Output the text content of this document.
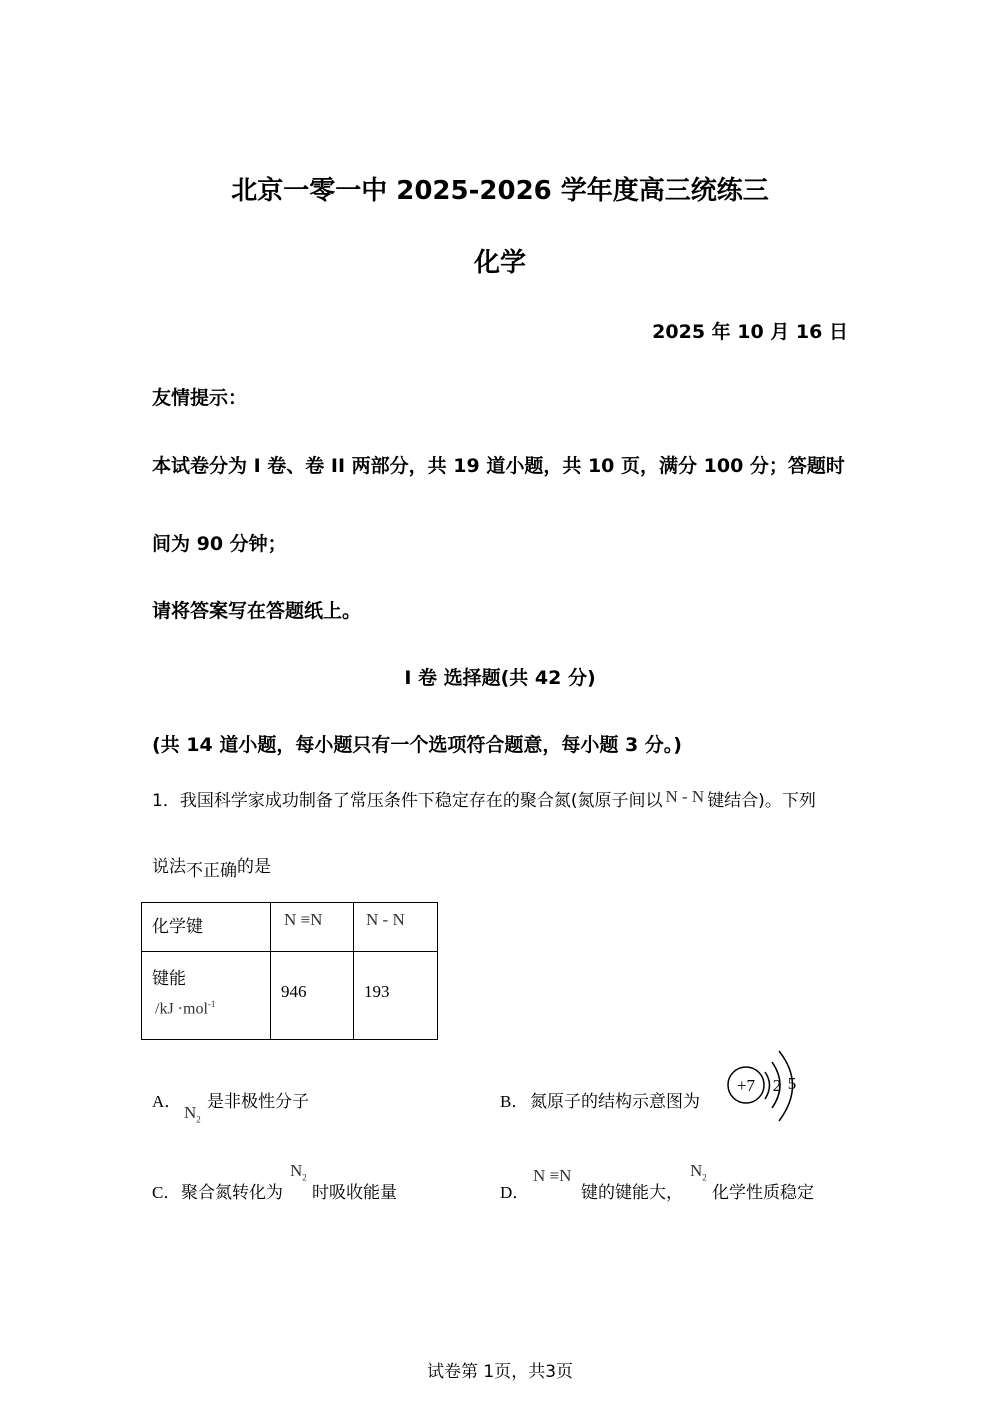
北京一零一中 2025-2026 学年度高三统练三
化学
2025 年 10 月 16 日
友情提示：
本试卷分为 I 卷、卷 II 两部分，共 19 道小题，共 10 页，满分 100 分；答题时
间为 90 分钟；
请将答案写在答题纸上。
I 卷 选择题(共 42 分)
(共 14 道小题，每小题只有一个选项符合题意，每小题 3 分。)
1．我国科学家成功制备了常压条件下稳定存在的聚合氮(氮原子间以 N - N 键结合)。下列
说法不正确的是
化学键	N ≡N	N - N

键能
/kJ ·mol$^{-1}$	946	193
A．
$N_2$
是非极性分子	B． 氮原子的结构示意图为
+7 2 5
C． 聚合氮转化为
$N_2$
时吸收能量	D．
N ≡N
键的键能大，
$N_2$
化学性质稳定
试卷第 1页，共3页
